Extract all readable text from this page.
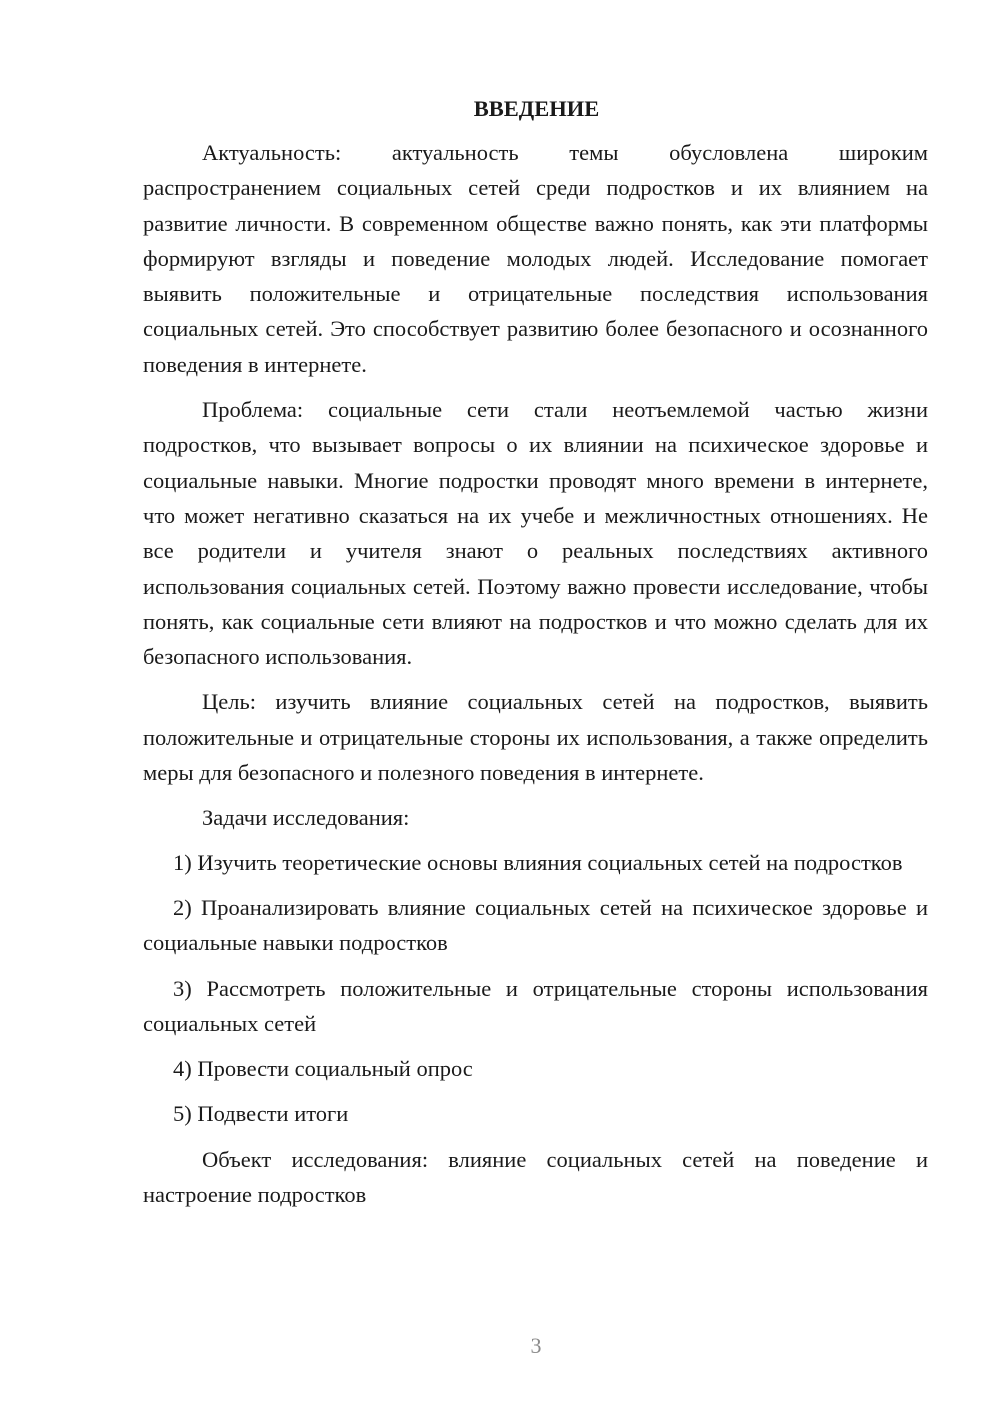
ВВЕДЕНИЕ

Актуальность: актуальность темы обусловлена широким распространением социальных сетей среди подростков и их влиянием на развитие личности. В современном обществе важно понять, как эти платформы формируют взгляды и поведение молодых людей. Исследование помогает выявить положительные и отрицательные последствия использования социальных сетей. Это способствует развитию более безопасного и осознанного поведения в интернете.

Проблема: социальные сети стали неотъемлемой частью жизни подростков, что вызывает вопросы о их влиянии на психическое здоровье и социальные навыки. Многие подростки проводят много времени в интернете, что может негативно сказаться на их учебе и межличностных отношениях. Не все родители и учителя знают о реальных последствиях активного использования социальных сетей. Поэтому важно провести исследование, чтобы понять, как социальные сети влияют на подростков и что можно сделать для их безопасного использования.

Цель: изучить влияние социальных сетей на подростков, выявить положительные и отрицательные стороны их использования, а также определить меры для безопасного и полезного поведения в интернете.

Задачи исследования:

1) Изучить теоретические основы влияния социальных сетей на подростков
2) Проанализировать влияние социальных сетей на психическое здоровье и социальные навыки подростков
3) Рассмотреть положительные и отрицательные стороны использования социальных сетей
4) Провести социальный опрос
5) Подвести итоги

Объект исследования: влияние социальных сетей на поведение и настроение подростков

3
